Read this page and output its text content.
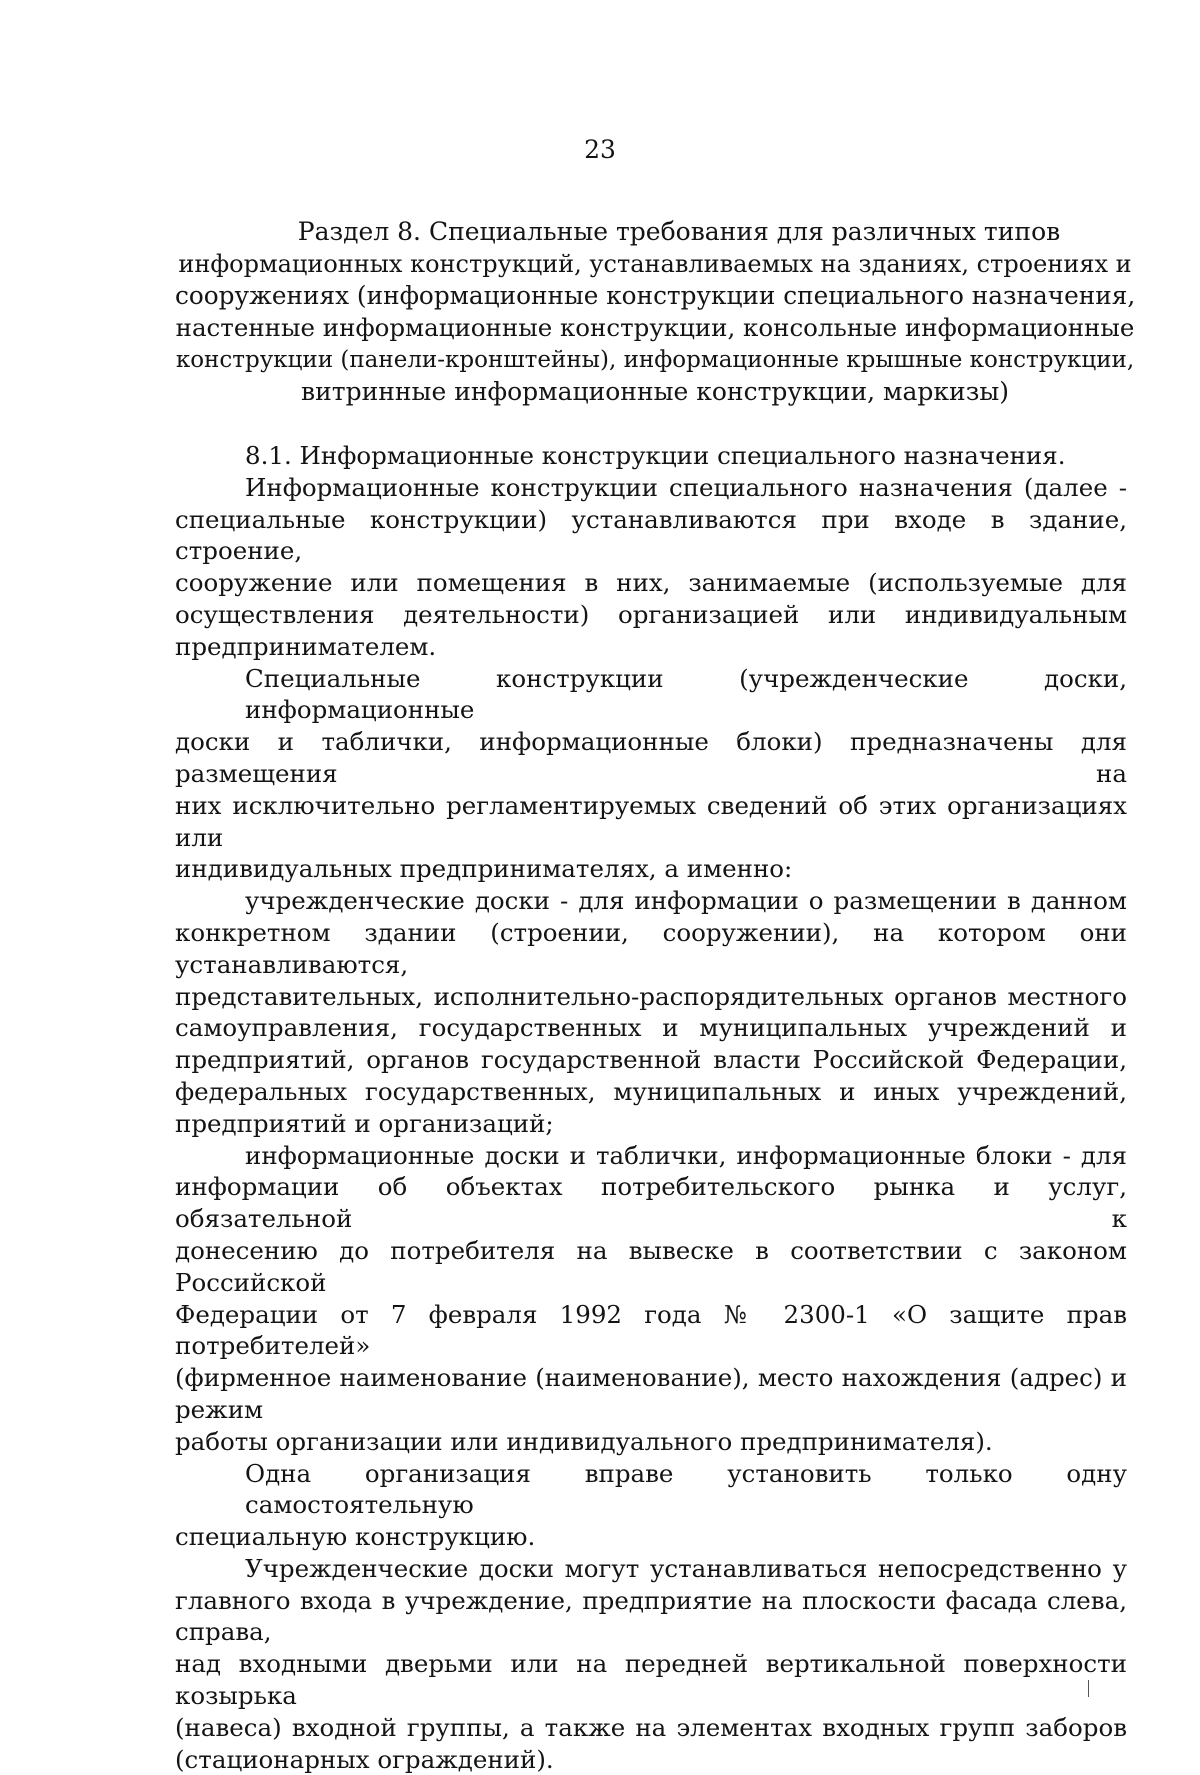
23
Раздел 8. Специальные требования для различных типов
информационных конструкций, устанавливаемых на зданиях, строениях и
сооружениях (информационные конструкции специального назначения,
настенные информационные конструкции, консольные информационные
конструкции (панели-кронштейны), информационные крышные конструкции,
витринные информационные конструкции, маркизы)
8.1. Информационные конструкции специального назначения.
Информационные конструкции специального назначения (далее -
специальные конструкции) устанавливаются при входе в здание, строение,
сооружение или помещения в них, занимаемые (используемые для
осуществления деятельности) организацией или индивидуальным
предпринимателем.
Специальные конструкции (учрежденческие доски, информационные
доски и таблички, информационные блоки) предназначены для размещения на
них исключительно регламентируемых сведений об этих организациях или
индивидуальных предпринимателях, а именно:
учрежденческие доски - для информации о размещении в данном
конкретном здании (строении, сооружении), на котором они устанавливаются,
представительных, исполнительно-распорядительных органов местного
самоуправления, государственных и муниципальных учреждений и
предприятий, органов государственной власти Российской Федерации,
федеральных государственных, муниципальных и иных учреждений,
предприятий и организаций;
информационные доски и таблички, информационные блоки - для
информации об объектах потребительского рынка и услуг, обязательной к
донесению до потребителя на вывеске в соответствии с законом Российской
Федерации от 7 февраля 1992 года № 2300-1 «О защите прав потребителей»
(фирменное наименование (наименование), место нахождения (адрес) и режим
работы организации или индивидуального предпринимателя).
Одна организация вправе установить только одну самостоятельную
специальную конструкцию.
Учрежденческие доски могут устанавливаться непосредственно у
главного входа в учреждение, предприятие на плоскости фасада слева, справа,
над входными дверьми или на передней вертикальной поверхности козырька
(навеса) входной группы, а также на элементах входных групп заборов
(стационарных ограждений).
